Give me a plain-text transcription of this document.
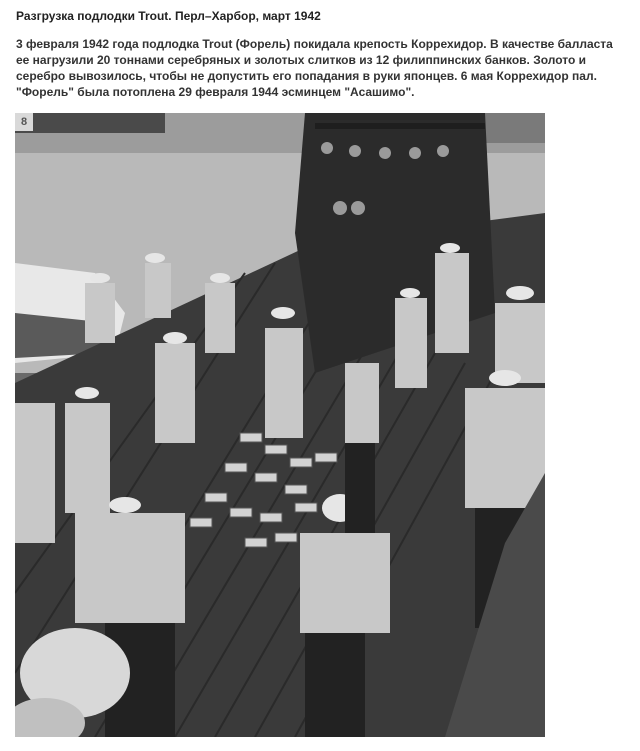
Разгрузка подлодки Trout. Перл–Харбор, март 1942
3 февраля 1942 года подлодка Trout (Форель) покидала крепость Коррехидор. В качестве балласта ее нагрузили 20 тоннами серебряных и золотых слитков из 12 филиппинских банков. Золото и серебро вывозилось, чтобы не допустить его попадания в руки японцев. 6 мая Коррехидор пал. "Форель" была потоплена 29 февраля 1944 эсминцем "Асашимо".
8
